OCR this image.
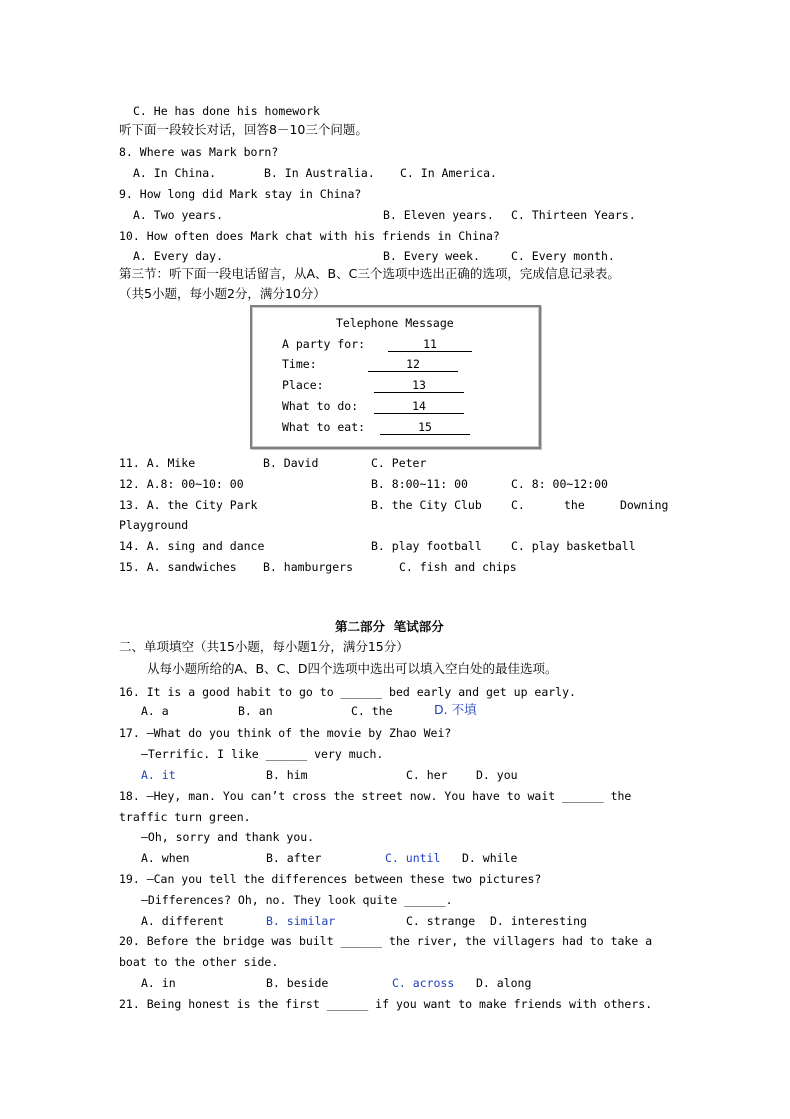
C. He has done his homework
听下面一段较长对话，回答8－10三个问题。
8. Where was Mark born?
A. In China.	B. In Australia. C. In America.
9. How long did Mark stay in China?
A. Two years.	B. Eleven years. C. Thirteen Years.
10. How often does Mark chat with his friends in China?
A. Every day.	B. Every week.	C. Every month.
第三节：听下面一段电话留言，从A、B、C三个选项中选出正确的选项，完成信息记录表。
（共5小题，每小题2分，满分10分）
Telephone Message
A party for:	11
Time:	12
Place:	13
What to do:	14
What to eat:	15
11. A. Mike	B. David	C. Peter
12. A.8: 00~10: 00	B. 8:00~11: 00	C. 8: 00~12:00
13. A. the City Park	B. the City Club	C.	the	Downing
Playground
14. A. sing and dance	B. play football	C. play basketball
15. A. sandwiches B. hamburgers	C. fish and chips
第二部分  笔试部分
二、单项填空（共15小题，每小题1分，满分15分）
从每小题所给的A、B、C、D四个选项中选出可以填入空白处的最佳选项。
16. It is a good habit to go to ______ bed early and get up early.
A. a	B. an	C. the	D. 不填
17. —What do you think of the movie by Zhao Wei?
—Terrific. I like ______ very much.
A. it	B. him	C. her D. you
18. —Hey, man. You can’t cross the street now. You have to wait ______ the
traffic turn green.
—Oh, sorry and thank you.
A. when	B. after	C. until D. while
19. —Can you tell the differences between these two pictures?
—Differences? Oh, no. They look quite ______.
A. different	B. similar	C. strange D. interesting
20. Before the bridge was built ______ the river, the villagers had to take a
boat to the other side.
A. in	B. beside	C. across D. along
21. Being honest is the first ______ if you want to make friends with others.
